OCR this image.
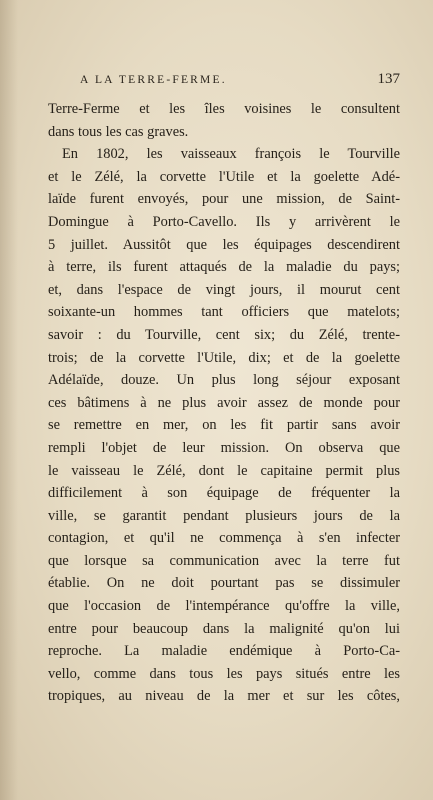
A LA TERRE-FERME.	137
Terre-Ferme et les îles voisines le consultent
dans tous les cas graves.
En 1802, les vaisseaux françois le Tourville
et le Zélé, la corvette l'Utile et la goelette Adé-
laïde furent envoyés, pour une mission, de Saint-
Domingue à Porto-Cavello. Ils y arrivèrent le
5 juillet. Aussitôt que les équipages descendirent
à terre, ils furent attaqués de la maladie du pays;
et, dans l'espace de vingt jours, il mourut cent
soixante-un hommes tant officiers que matelots;
savoir : du Tourville, cent six; du Zélé, trente-
trois; de la corvette l'Utile, dix; et de la goelette
Adélaïde, douze. Un plus long séjour exposant
ces bâtimens à ne plus avoir assez de monde pour
se remettre en mer, on les fit partir sans avoir
rempli l'objet de leur mission. On observa que
le vaisseau le Zélé, dont le capitaine permit plus
difficilement à son équipage de fréquenter la
ville, se garantit pendant plusieurs jours de la
contagion, et qu'il ne commença à s'en infecter
que lorsque sa communication avec la terre fut
établie. On ne doit pourtant pas se dissimuler
que l'occasion de l'intempérance qu'offre la ville,
entre pour beaucoup dans la malignité qu'on lui
reproche. La maladie endémique à Porto-Ca-
vello, comme dans tous les pays situés entre les
tropiques, au niveau de la mer et sur les côtes,
